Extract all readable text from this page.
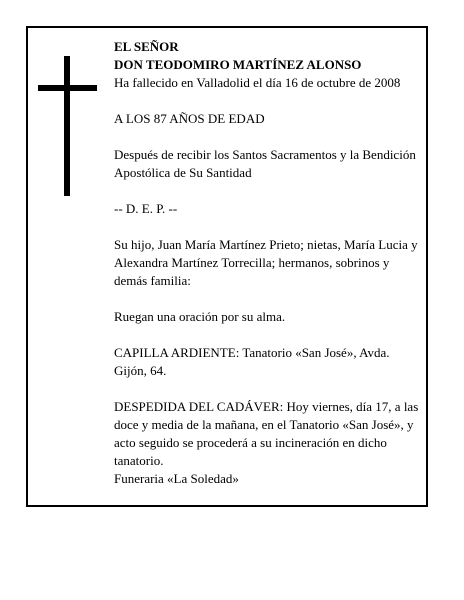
EL SEÑOR

DON TEODOMIRO MARTÍNEZ ALONSO

Ha fallecido en Valladolid el día 16 de octubre de 2008

A LOS 87 AÑOS DE EDAD

Después de recibir los Santos Sacramentos y la Bendición Apostólica de Su Santidad

-- D. E. P. --

Su hijo, Juan María Martínez Prieto; nietas, María Lucia y Alexandra Martínez Torrecilla; hermanos, sobrinos y demás familia:

Ruegan una oración por su alma.

CAPILLA ARDIENTE: Tanatorio «San José», Avda. Gijón, 64.

DESPEDIDA DEL CADÁVER: Hoy viernes, día 17, a las doce y media de la mañana, en el Tanatorio «San José», y acto seguido se procederá a su incineración en dicho tanatorio.

Funeraria «La Soledad»
